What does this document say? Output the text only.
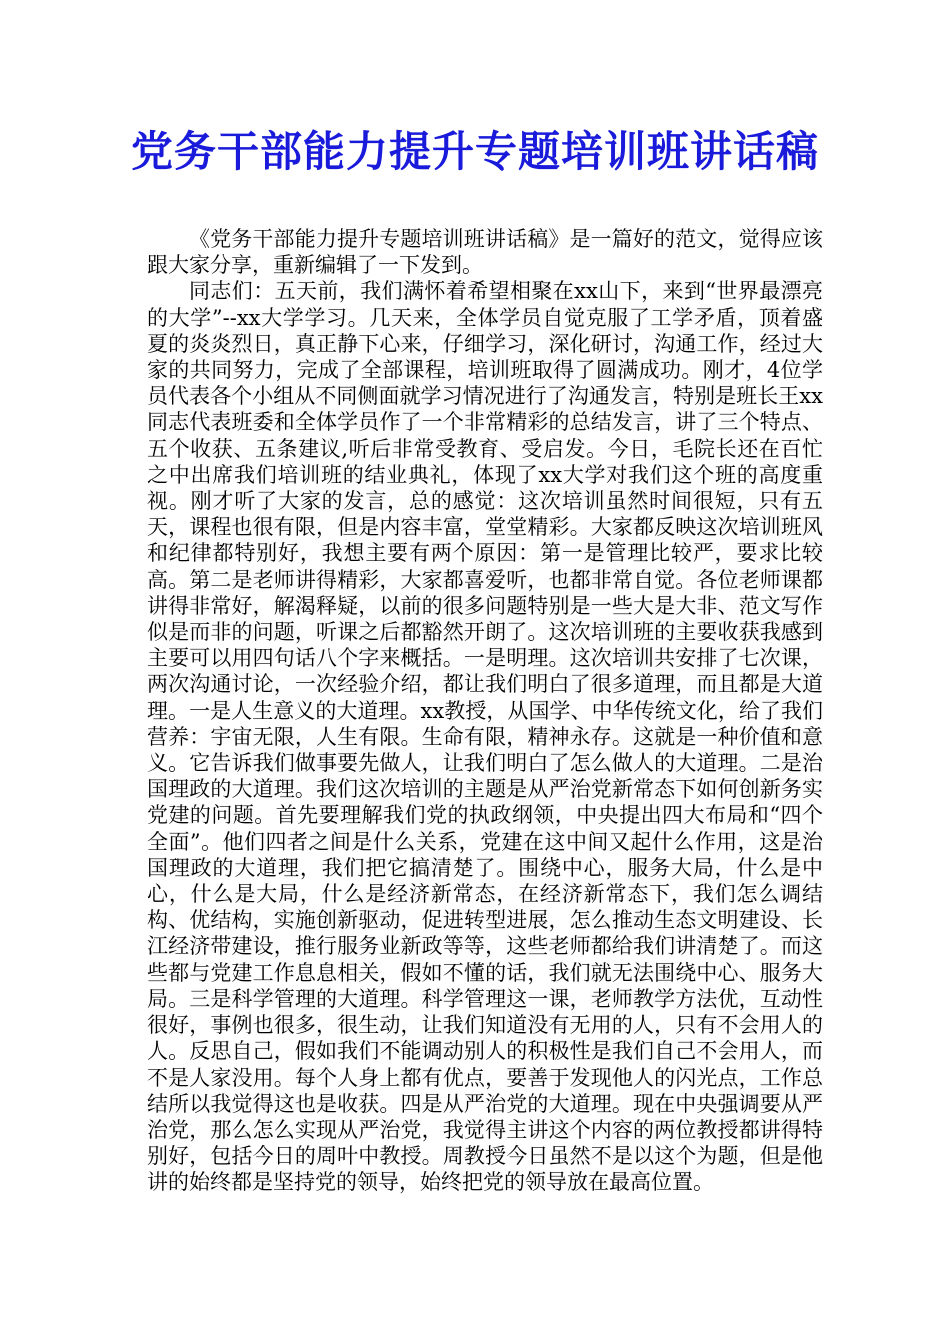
党务干部能力提升专题培训班讲话稿

《党务干部能力提升专题培训班讲话稿》是一篇好的范文，觉得应该跟大家分享，重新编辑了一下发到。

同志们：五天前，我们满怀着希望相聚在xx山下，来到“世界最漂亮的大学”--xx大学学习。几天来，全体学员自觉克服了工学矛盾，顶着盛夏的炎炎烈日，真正静下心来，仔细学习，深化研讨，沟通工作，经过大家的共同努力，完成了全部课程，培训班取得了圆满成功。刚才，4位学员代表各个小组从不同侧面就学习情况进行了沟通发言，特别是班长王xx同志代表班委和全体学员作了一个非常精彩的总结发言，讲了三个特点、五个收获、五条建议,听后非常受教育、受启发。今日，毛院长还在百忙之中出席我们培训班的结业典礼，体现了xx大学对我们这个班的高度重视。刚才听了大家的发言，总的感觉：这次培训虽然时间很短，只有五天，课程也很有限，但是内容丰富，堂堂精彩。大家都反映这次培训班风和纪律都特别好，我想主要有两个原因：第一是管理比较严，要求比较高。第二是老师讲得精彩，大家都喜爱听，也都非常自觉。各位老师课都讲得非常好，解渴释疑，以前的很多问题特别是一些大是大非、范文写作似是而非的问题，听课之后都豁然开朗了。这次培训班的主要收获我感到主要可以用四句话八个字来概括。一是明理。这次培训共安排了七次课，两次沟通讨论，一次经验介绍，都让我们明白了很多道理，而且都是大道理。一是人生意义的大道理。xx教授，从国学、中华传统文化，给了我们营养：宇宙无限，人生有限。生命有限，精神永存。这就是一种价值和意义。它告诉我们做事要先做人，让我们明白了怎么做人的大道理。二是治国理政的大道理。我们这次培训的主题是从严治党新常态下如何创新务实党建的问题。首先要理解我们党的执政纲领，中央提出四大布局和“四个全面”。他们四者之间是什么关系，党建在这中间又起什么作用，这是治国理政的大道理，我们把它搞清楚了。围绕中心，服务大局，什么是中心，什么是大局，什么是经济新常态，在经济新常态下，我们怎么调结构、优结构，实施创新驱动，促进转型进展，怎么推动生态文明建设、长江经济带建设，推行服务业新政等等，这些老师都给我们讲清楚了。而这些都与党建工作息息相关，假如不懂的话，我们就无法围绕中心、服务大局。三是科学管理的大道理。科学管理这一课，老师教学方法优，互动性很好，事例也很多，很生动，让我们知道没有无用的人，只有不会用人的人。反思自己，假如我们不能调动别人的积极性是我们自己不会用人，而不是人家没用。每个人身上都有优点，要善于发现他人的闪光点，工作总结所以我觉得这也是收获。四是从严治党的大道理。现在中央强调要从严治党，那么怎么实现从严治党，我觉得主讲这个内容的两位教授都讲得特别好，包括今日的周叶中教授。周教授今日虽然不是以这个为题，但是他讲的始终都是坚持党的领导，始终把党的领导放在最高位置。
